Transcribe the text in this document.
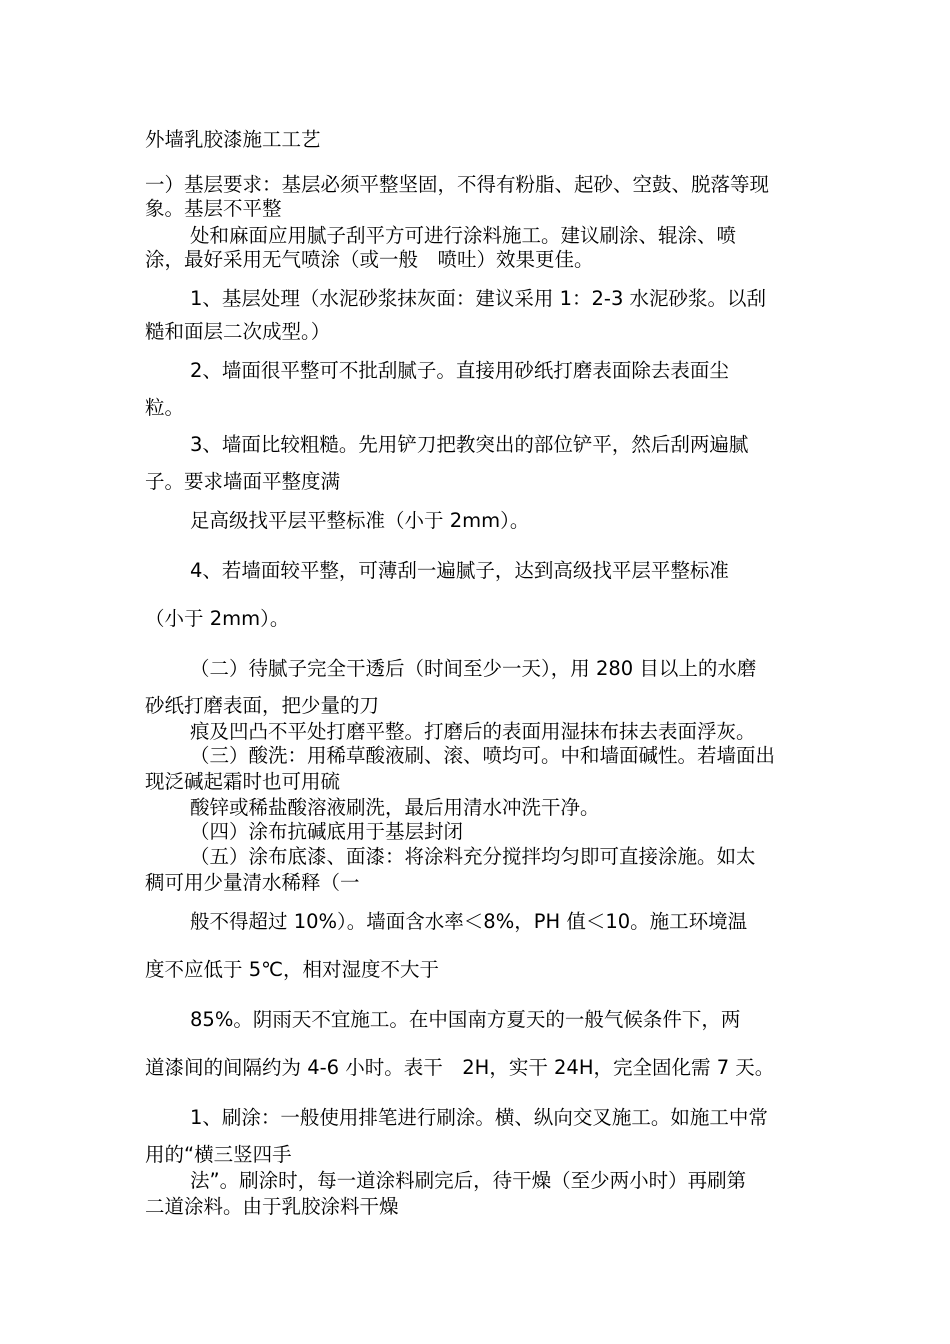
外墙乳胶漆施工工艺
一）基层要求：基层必须平整坚固，不得有粉脂、起砂、空鼓、脱落等现
象。基层不平整
处和麻面应用腻子刮平方可进行涂料施工。建议刷涂、辊涂、喷
涂，最好采用无气喷涂（或一般　喷吐）效果更佳。
1、基层处理（水泥砂浆抹灰面：建议采用 1：2-3 水泥砂浆。以刮
糙和面层二次成型。）
2、墙面很平整可不批刮腻子。直接用砂纸打磨表面除去表面尘
粒。
3、墙面比较粗糙。先用铲刀把教突出的部位铲平，然后刮两遍腻
子。要求墙面平整度满
足高级找平层平整标准（小于 2mm）。
4、若墙面较平整，可薄刮一遍腻子，达到高级找平层平整标准
（小于 2mm）。
（二）待腻子完全干透后（时间至少一天），用 280 目以上的水磨
砂纸打磨表面，把少量的刀
痕及凹凸不平处打磨平整。打磨后的表面用湿抹布抹去表面浮灰。
（三）酸洗：用稀草酸液刷、滚、喷均可。中和墙面碱性。若墙面出
现泛碱起霜时也可用硫
酸锌或稀盐酸溶液刷洗，最后用清水冲洗干净。
（四）涂布抗碱底用于基层封闭
（五）涂布底漆、面漆：将涂料充分搅拌均匀即可直接涂施。如太
稠可用少量清水稀释（一
般不得超过 10%）。墙面含水率＜8%，PH 值＜10。施工环境温
度不应低于 5℃，相对湿度不大于
85%。阴雨天不宜施工。在中国南方夏天的一般气候条件下，两
道漆间的间隔约为 4-6 小时。表干　2H，实干 24H，完全固化需 7 天。
1、刷涂：一般使用排笔进行刷涂。横、纵向交叉施工。如施工中常
用的“横三竖四手
法”。刷涂时，每一道涂料刷完后，待干燥（至少两小时）再刷第
二道涂料。由于乳胶涂料干燥
